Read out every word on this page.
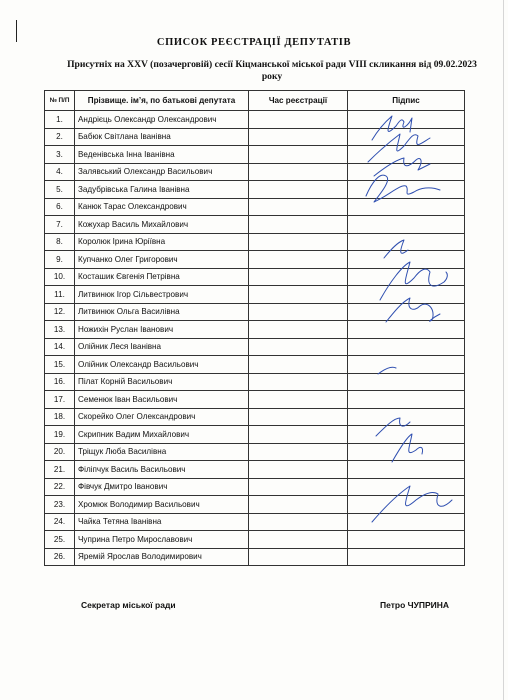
СПИСОК РЕЄСТРАЦІЇ ДЕПУТАТІВ
Присутніх на XXV (позачерговій) сесії Кіцманської міської ради VIII скликання від 09.02.2023 року
№ П/П	Прізвище. ім’я, по батькові депутата	Час реєстрації	Підпис
1.	Андрієць Олександр Олександрович		
2.	Бабюк Світлана Іванівна		
3.	Веденівська Інна Іванівна		
4.	Залявський Олександр Васильович		
5.	Задубрівська Галина Іванівна		
6.	Канюк Тарас Олександрович		
7.	Кожухар Василь Михайлович		
8.	Королюк Ірина Юріївна		
9.	Купчанко Олег Григорович		
10.	Косташик Євгенія Петрівна		
11.	Литвинюк Ігор Сільвестрович		
12.	Литвинюк Ольга Василівна		
13.	Ножихін Руслан Іванович		
14.	Олійник Леся Іванівна		
15.	Олійник Олександр Васильович		
16.	Пілат Корній Васильович		
17.	Семенюк Іван Васильович		
18.	Скорейко Олег Олександрович		
19.	Скрипник Вадим Михайлович		
20.	Тріщук Люба Василівна		
21.	Філіпчук Василь Васильович		
22.	Фівчук Дмитро Іванович		
23.	Хромюк Володимир Васильович		
24.	Чайка Тетяна Іванівна		
25.	Чуприна Петро Мирославович		
26.	Яремій Ярослав Володимирович		
Секретар міської ради	Петро ЧУПРИНА
